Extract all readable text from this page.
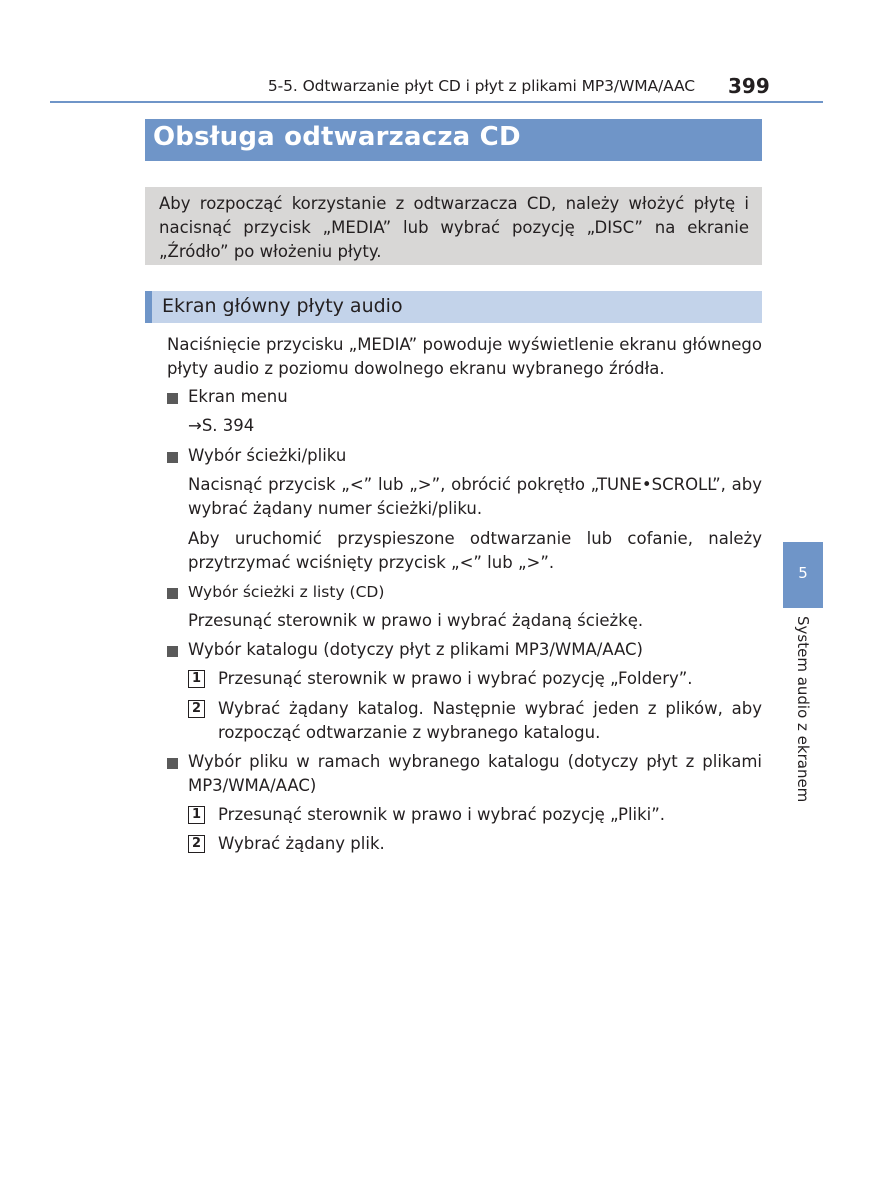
5-5. Odtwarzanie płyt CD i płyt z plikami MP3/WMA/AAC 399
Obsługa odtwarzacza CD
Aby rozpocząć korzystanie z odtwarzacza CD, należy włożyć płytę i nacisnąć przycisk „MEDIA” lub wybrać pozycję „DISC” na ekranie „Źródło” po włożeniu płyty.
Ekran główny płyty audio
Naciśnięcie przycisku „MEDIA” powoduje wyświetlenie ekranu głównego płyty audio z poziomu dowolnego ekranu wybranego źródła.
Ekran menu
→S. 394
Wybór ścieżki/pliku
Nacisnąć przycisk „<” lub „>”, obrócić pokrętło „TUNE•SCROLL”, aby wybrać żądany numer ścieżki/pliku.
Aby uruchomić przyspieszone odtwarzanie lub cofanie, należy przytrzymać wciśnięty przycisk „<” lub „>”.
Wybór ścieżki z listy (CD)
Przesunąć sterownik w prawo i wybrać żądaną ścieżkę.
Wybór katalogu (dotyczy płyt z plikami MP3/WMA/AAC)
1 Przesunąć sterownik w prawo i wybrać pozycję „Foldery”.
2 Wybrać żądany katalog. Następnie wybrać jeden z plików, aby rozpocząć odtwarzanie z wybranego katalogu.
Wybór pliku w ramach wybranego katalogu (dotyczy płyt z plikami MP3/WMA/AAC)
1 Przesunąć sterownik w prawo i wybrać pozycję „Pliki”.
2 Wybrać żądany plik.
5
System audio z ekranem
